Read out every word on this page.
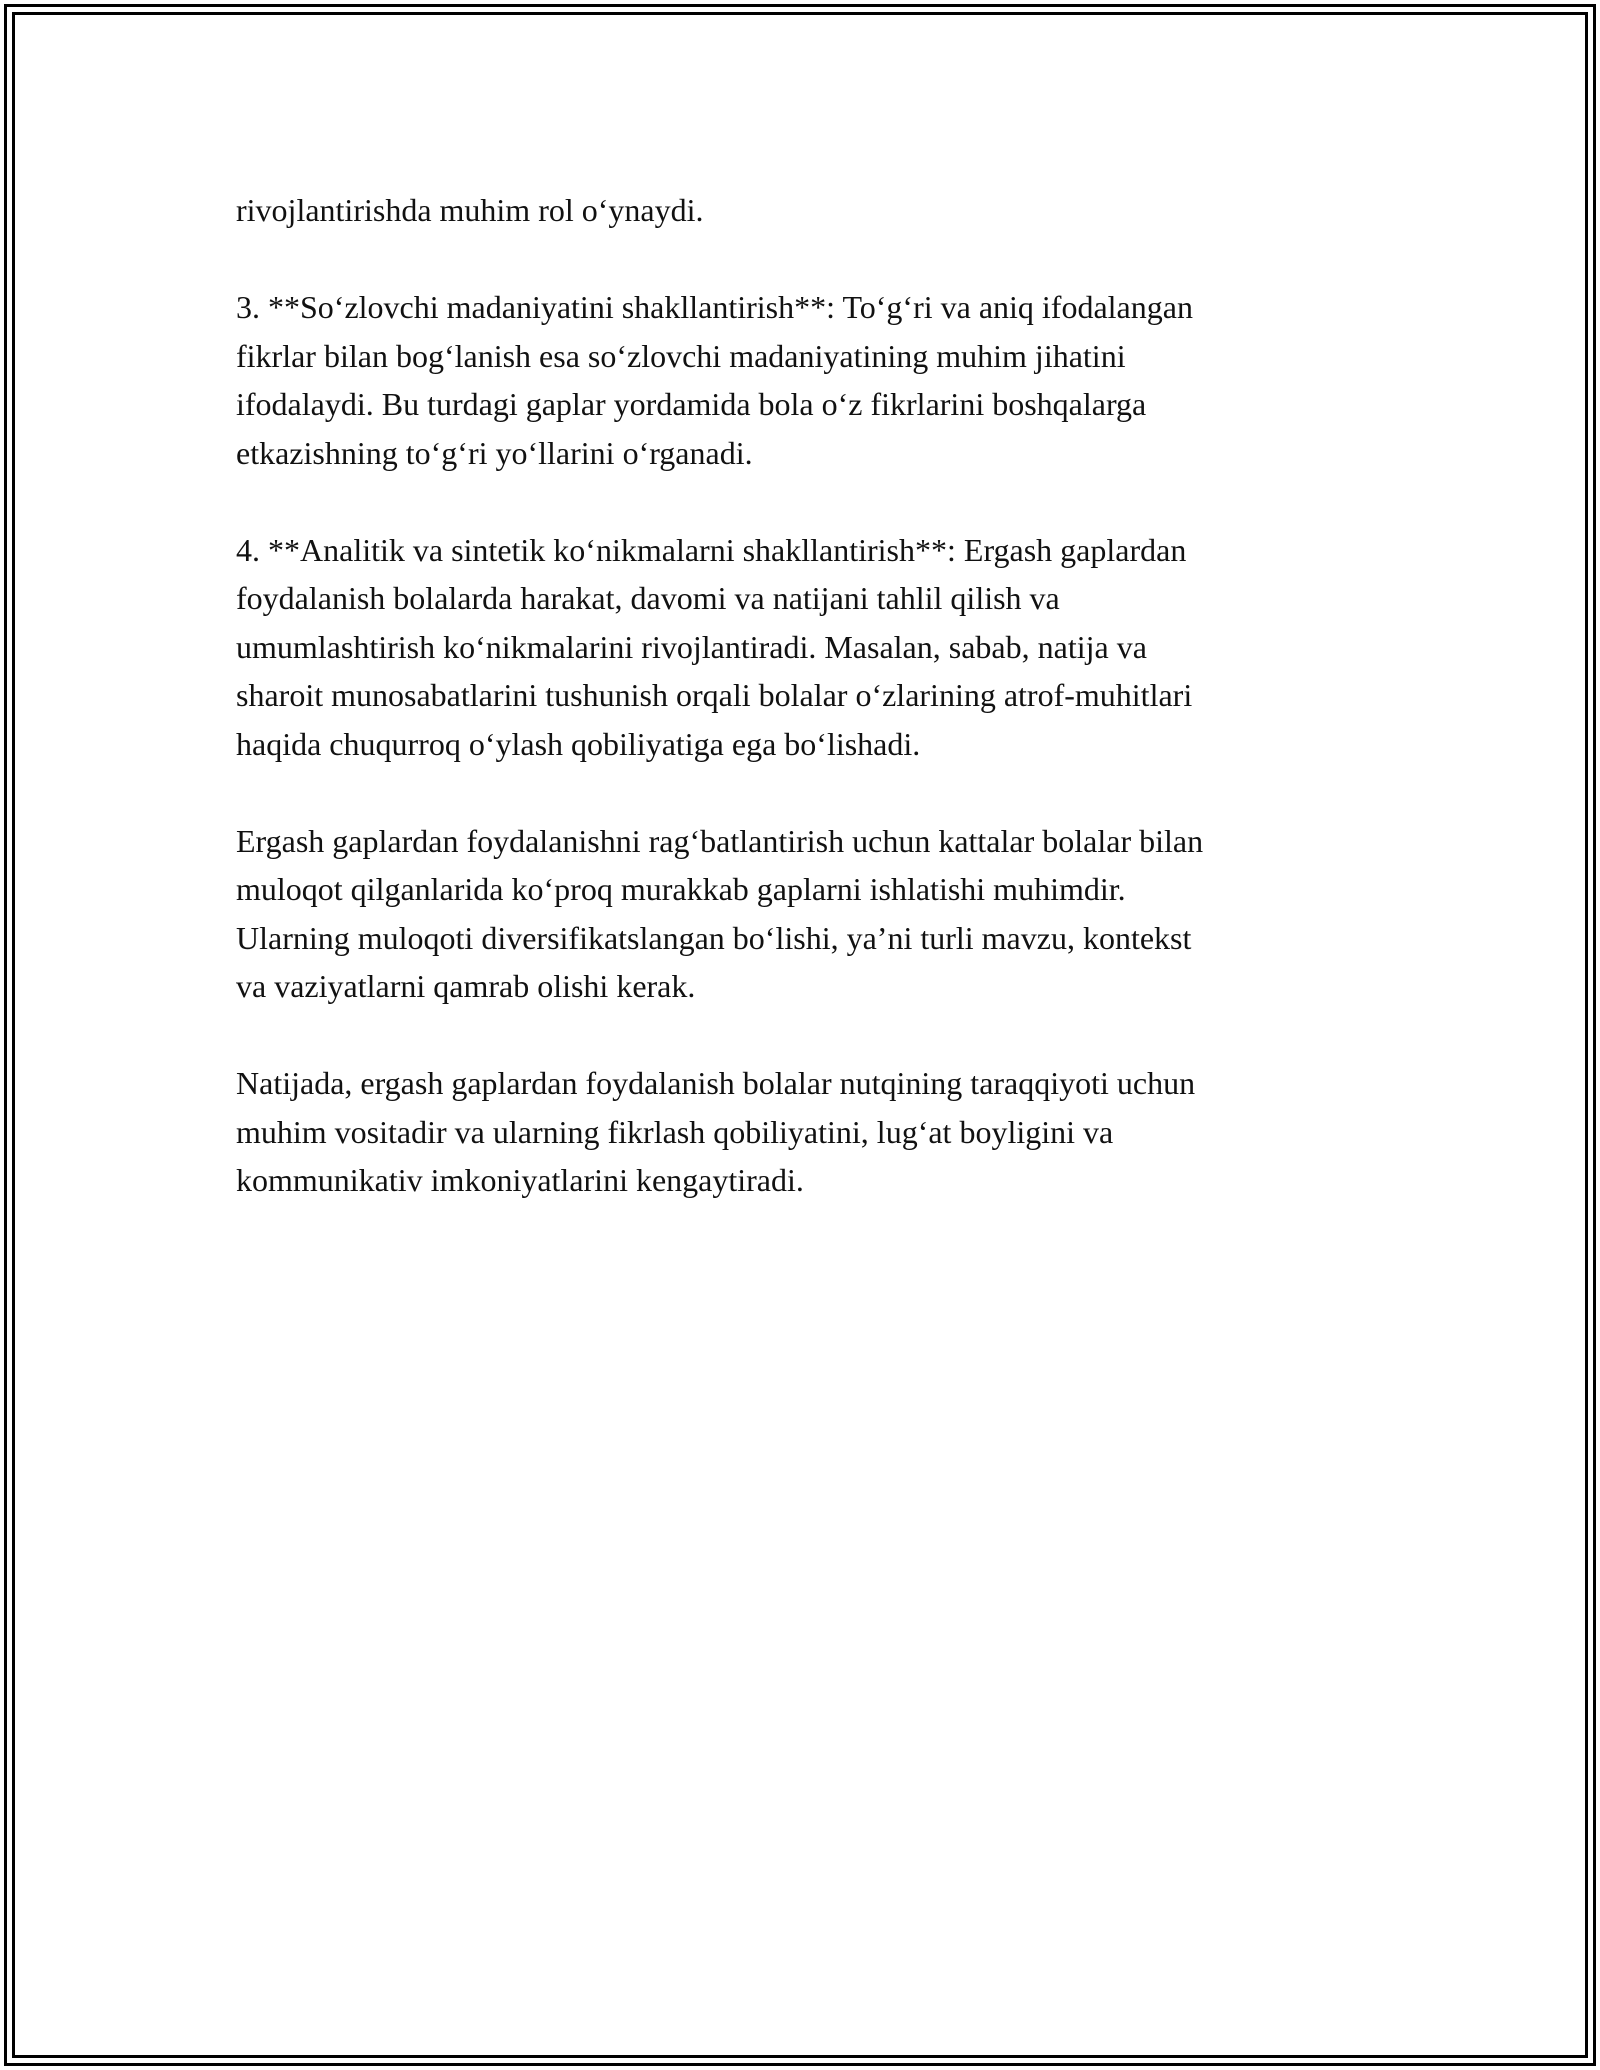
rivojlantirishda muhim rol o‘ynaydi.

3. **So‘zlovchi madaniyatini shakllantirish**: To‘g‘ri va aniq ifodalangan
fikrlar bilan bog‘lanish esa so‘zlovchi madaniyatining muhim jihatini
ifodalaydi. Bu turdagi gaplar yordamida bola o‘z fikrlarini boshqalarga
etkazishning to‘g‘ri yo‘llarini o‘rganadi.

4. **Analitik va sintetik ko‘nikmalarni shakllantirish**: Ergash gaplardan
foydalanish bolalarda harakat, davomi va natijani tahlil qilish va
umumlashtirish ko‘nikmalarini rivojlantiradi. Masalan, sabab, natija va
sharoit munosabatlarini tushunish orqali bolalar o‘zlarining atrof-muhitlari
haqida chuqurroq o‘ylash qobiliyatiga ega bo‘lishadi.

Ergash gaplardan foydalanishni rag‘batlantirish uchun kattalar bolalar bilan
muloqot qilganlarida ko‘proq murakkab gaplarni ishlatishi muhimdir.
Ularning muloqoti diversifikatslangan bo‘lishi, ya’ni turli mavzu, kontekst
va vaziyatlarni qamrab olishi kerak.

Natijada, ergash gaplardan foydalanish bolalar nutqining taraqqiyoti uchun
muhim vositadir va ularning fikrlash qobiliyatini, lug‘at boyligini va
kommunikativ imkoniyatlarini kengaytiradi.
